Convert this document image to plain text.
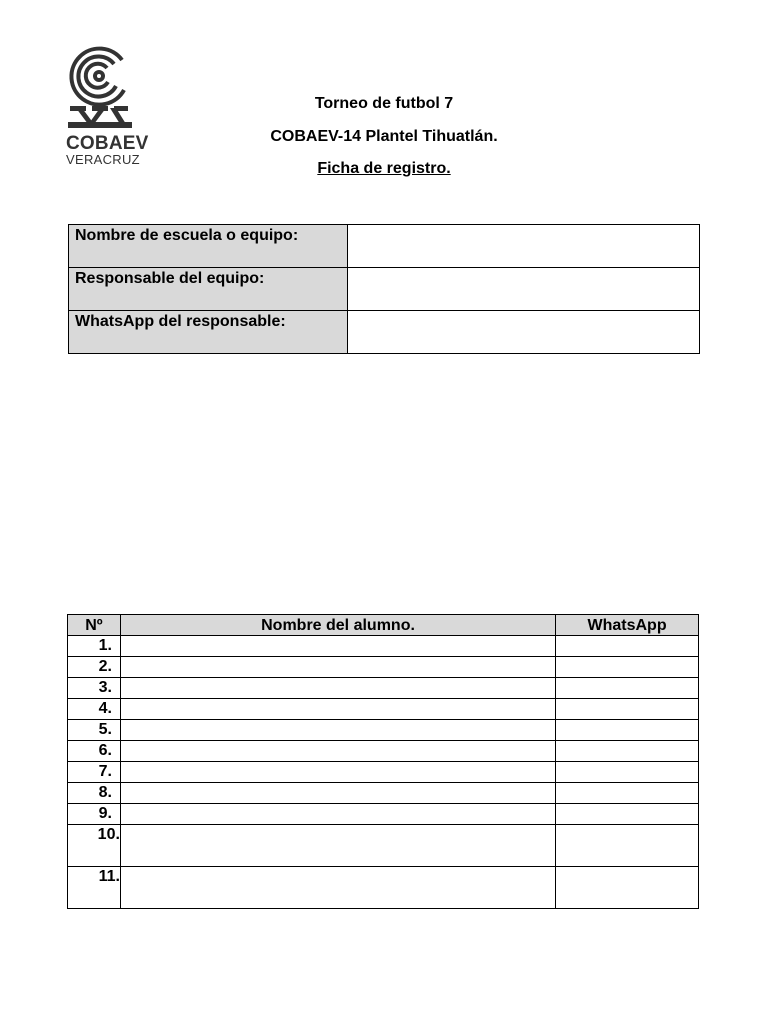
COBAEV
VERACRUZ
Torneo de futbol 7
COBAEV-14 Plantel Tihuatlán.
Ficha de registro.
Nombre de escuela o equipo:	
Responsable del equipo:	
WhatsApp del responsable:	
Nº	Nombre del alumno.	WhatsApp
1.		
2.		
3.		
4.		
5.		
6.		
7.		
8.		
9.		
10.		
11.		
